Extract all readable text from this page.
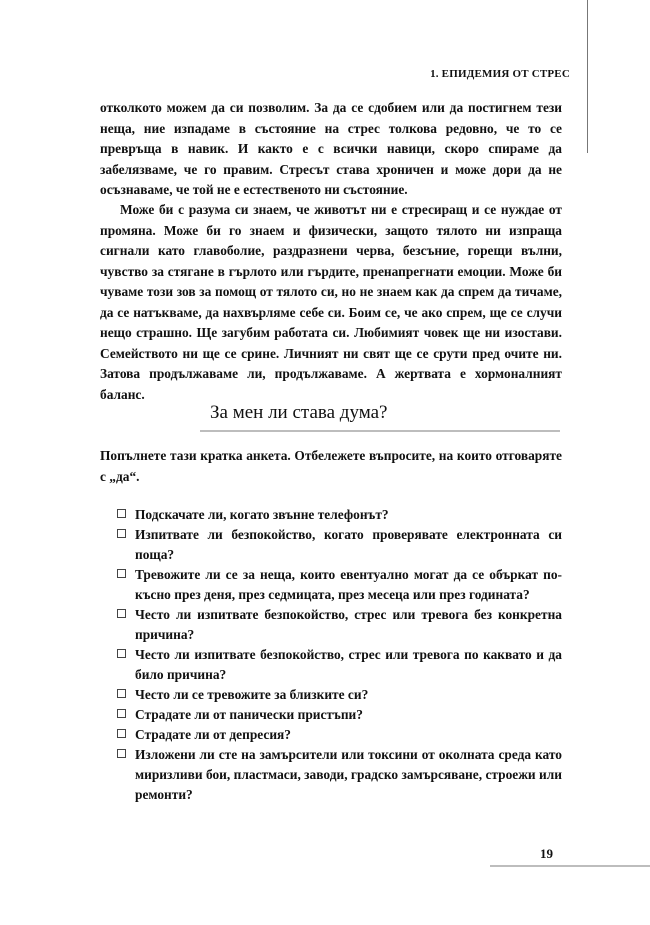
1. ЕПИДЕМИЯ ОТ СТРЕС
отколкото можем да си позволим. За да се сдобием или да постигнем тези неща, ние изпадаме в състояние на стрес толкова редовно, че то се превръща в навик. И както е с всички навици, скоро спираме да забелязваме, че го правим. Стресът става хроничен и може дори да не осъзнаваме, че той не е естественото ни състояние.
Може би с разума си знаем, че животът ни е стресиращ и се нуждае от промяна. Може би го знаем и физически, защото тялото ни изпраща сигнали като главоболие, раздразнени черва, безсъние, горещи вълни, чувство за стягане в гърлото или гърдите, пренапрегнати емоции. Може би чуваме този зов за помощ от тялото си, но не знаем как да спрем да тичаме, да се натъкваме, да нахвърляме себе си. Боим се, че ако спрем, ще се случи нещо страшно. Ще загубим работата си. Любимият човек ще ни изостави. Семейството ни ще се срине. Личният ни свят ще се срути пред очите ни. Затова продължаваме ли, продължаваме. А жертвата е хормоналният баланс.
За мен ли става дума?
Попълнете тази кратка анкета. Отбележете въпросите, на които отговаряте с „да“.
Подскачате ли, когато звънне телефонът?
Изпитвате ли безпокойство, когато проверявате електронната си поща?
Тревожите ли се за неща, които евентуално могат да се объркат по-късно през деня, през седмицата, през месеца или през годината?
Често ли изпитвате безпокойство, стрес или тревога без конкретна причина?
Често ли изпитвате безпокойство, стрес или тревога по каквато и да било причина?
Често ли се тревожите за близките си?
Страдате ли от панически пристъпи?
Страдате ли от депресия?
Изложени ли сте на замърсители или токсини от околната среда като миризливи бои, пластмаси, заводи, градско замърсяване, строежи или ремонти?
19
